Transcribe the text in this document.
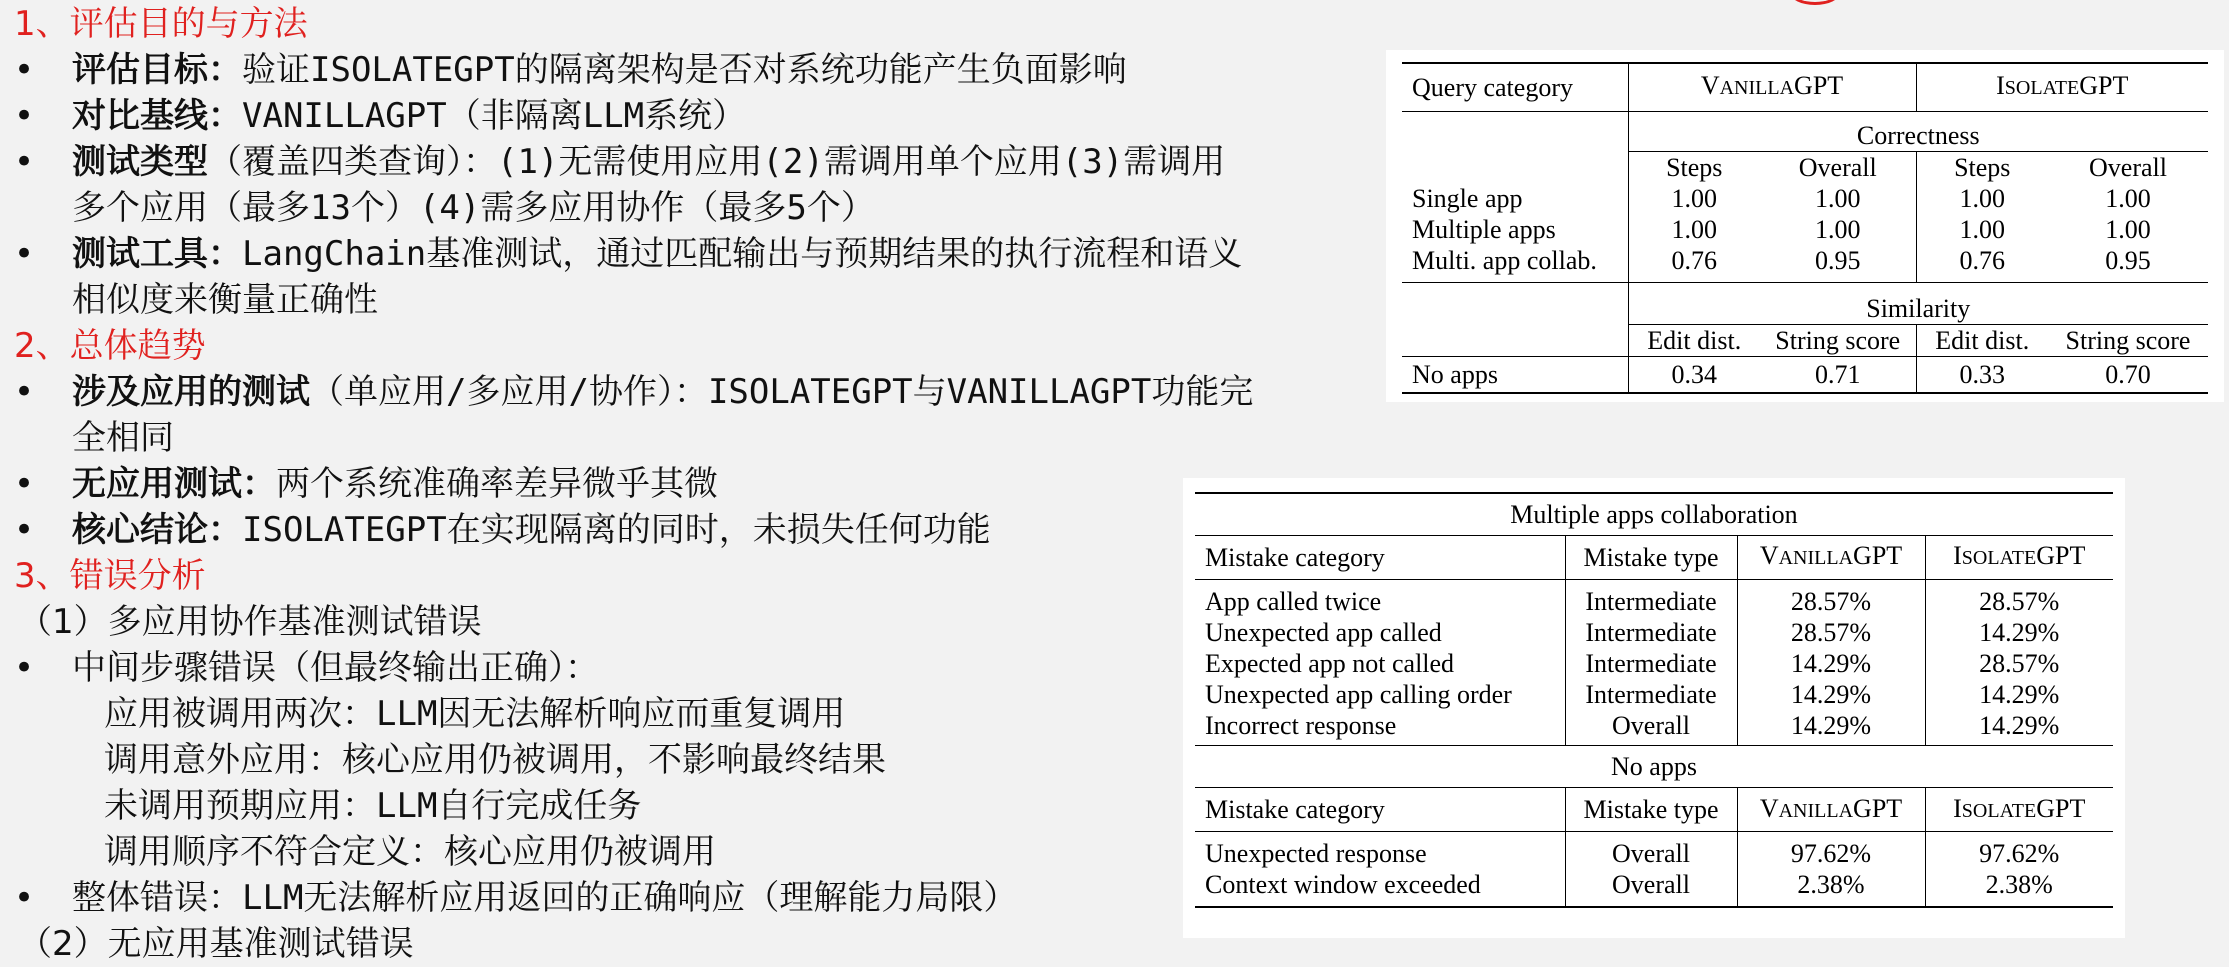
1、评估目的与方法
• 评估目标：验证ISOLATEGPT的隔离架构是否对系统功能产生负面影响
• 对比基线：VANILLAGPT（非隔离LLM系统）
• 测试类型（覆盖四类查询）：(1)无需使用应用(2)需调用单个应用(3)需调用
多个应用（最多13个）(4)需多应用协作（最多5个）
• 测试工具：LangChain基准测试，通过匹配输出与预期结果的执行流程和语义
相似度来衡量正确性
2、总体趋势
• 涉及应用的测试（单应用/多应用/协作）：ISOLATEGPT与VANILLAGPT功能完
全相同
• 无应用测试：两个系统准确率差异微乎其微
• 核心结论：ISOLATEGPT在实现隔离的同时，未损失任何功能
3、错误分析
（1）多应用协作基准测试错误
• 中间步骤错误（但最终输出正确）：
应用被调用两次：LLM因无法解析响应而重复调用
调用意外应用：核心应用仍被调用，不影响最终结果
未调用预期应用：LLM自行完成任务
调用顺序不符合定义：核心应用仍被调用
• 整体错误：LLM无法解析应用返回的正确响应（理解能力局限）
（2）无应用基准测试错误
Query category	VANILLAGPT		ISOLATEGPT	
	Correctness			
	Steps	Overall	Steps	Overall
Single app	1.00	1.00	1.00	1.00
Multiple apps	1.00	1.00	1.00	1.00
Multi. app collab.	0.76	0.95	0.76	0.95
	Similarity			
	Edit dist.	String score	Edit dist.	String score
No apps	0.34	0.71	0.33	0.70
Multiple apps collaboration			
Mistake category	Mistake type	VANILLAGPT	ISOLATEGPT
App called twice	Intermediate	28.57%	28.57%
Unexpected app called	Intermediate	28.57%	14.29%
Expected app not called	Intermediate	14.29%	28.57%
Unexpected app calling order	Intermediate	14.29%	14.29%
Incorrect response	Overall	14.29%	14.29%
No apps			
Mistake category	Mistake type	VANILLAGPT	ISOLATEGPT
Unexpected response	Overall	97.62%	97.62%
Context window exceeded	Overall	2.38%	2.38%
